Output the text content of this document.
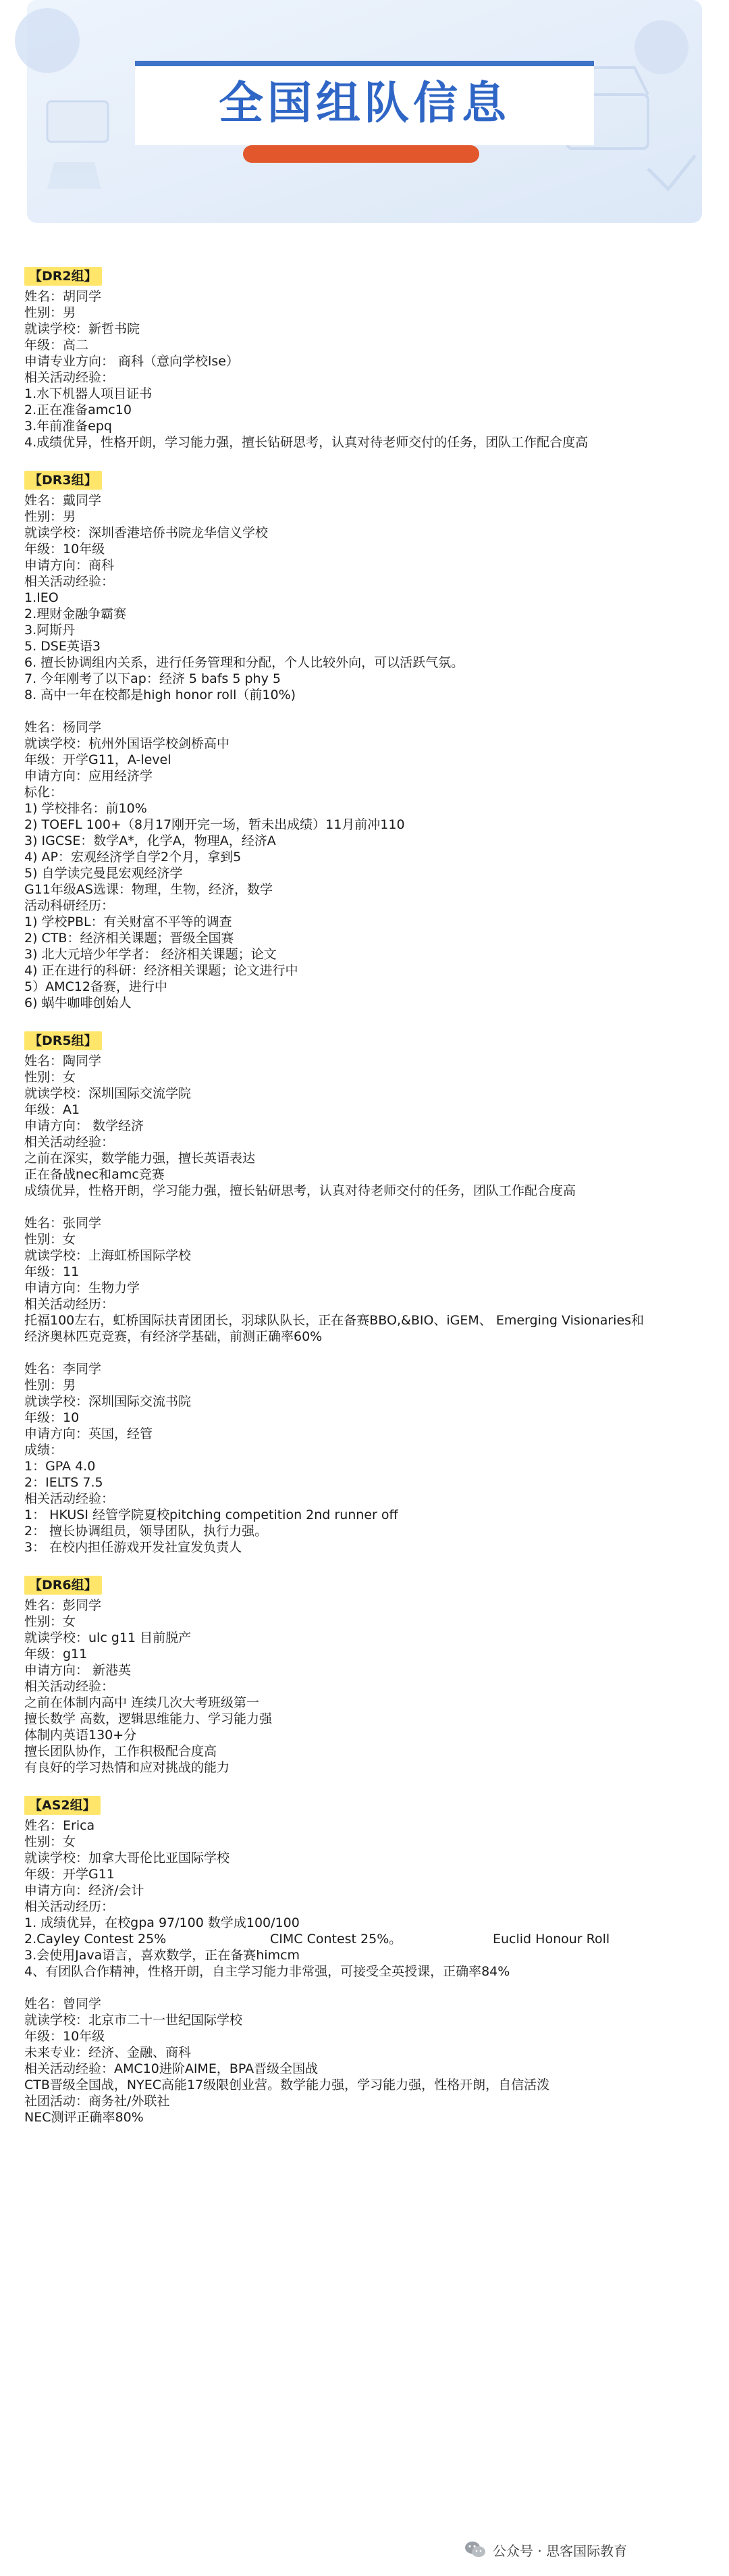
全国组队信息
【DR2组】
姓名：胡同学
性别：男
就读学校：新哲书院
年级：高二
申请专业方向： 商科（意向学校lse）
相关活动经验：
1.水下机器人项目证书
2.正在准备amc10
3.年前准备epq
4.成绩优异，性格开朗，学习能力强，擅长钻研思考，认真对待老师交付的任务，团队工作配合度高
【DR3组】
姓名：戴同学
性别：男
就读学校：深圳香港培侨书院龙华信义学校
年级：10年级
申请方向：商科
相关活动经验：
1.IEO
2.理财金融争霸赛
3.阿斯丹
5. DSE英语3
6. 擅长协调组内关系，进行任务管理和分配，个人比较外向，可以活跃气氛。
7. 今年刚考了以下ap：经济 5 bafs 5 phy 5
8. 高中一年在校都是high honor roll（前10%)
姓名：杨同学
就读学校：杭州外国语学校剑桥高中
年级：开学G11，A-level
申请方向：应用经济学
标化：
1) 学校排名：前10%
2) TOEFL 100+（8月17刚开完一场，暂未出成绩）11月前冲110
3) IGCSE：数学A*，化学A，物理A，经济A
4) AP：宏观经济学自学2个月，拿到5
5) 自学读完曼昆宏观经济学
G11年级AS选课：物理，生物，经济，数学
活动科研经历：
1) 学校PBL：有关财富不平等的调查
2) CTB：经济相关课题；晋级全国赛
3) 北大元培少年学者： 经济相关课题；论文
4) 正在进行的科研：经济相关课题；论文进行中
5）AMC12备赛，进行中
6) 蜗牛咖啡创始人
【DR5组】
姓名：陶同学
性别：女
就读学校：深圳国际交流学院
年级：A1
申请方向： 数学经济
相关活动经验：
之前在深实，数学能力强，擅长英语表达
正在备战nec和amc竞赛
成绩优异，性格开朗，学习能力强，擅长钻研思考，认真对待老师交付的任务，团队工作配合度高
姓名：张同学
性别：女
就读学校：上海虹桥国际学校
年级：11
申请方向：生物力学
相关活动经历：
托福100左右，虹桥国际扶青团团长，羽球队队长，正在备赛BBO,&BIO、iGEM、 Emerging Visionaries和
经济奥林匹克竞赛，有经济学基础，前测正确率60%
姓名：李同学
性别：男
就读学校：深圳国际交流书院
年级：10
申请方向：英国，经管
成绩：
1：GPA 4.0
2：IELTS 7.5
相关活动经验：
1： HKUSI 经管学院夏校pitching competition 2nd runner off
2： 擅长协调组员，领导团队，执行力强。
3： 在校内担任游戏开发社宣发负责人
【DR6组】
姓名：彭同学
性别：女
就读学校：ulc g11 目前脱产
年级：g11
申请方向： 新港英
相关活动经验：
之前在体制内高中 连续几次大考班级第一
擅长数学 高数，逻辑思维能力、学习能力强
体制内英语130+分
擅长团队协作，工作积极配合度高
有良好的学习热情和应对挑战的能力
【AS2组】
姓名：Erica
性别：女
就读学校：加拿大哥伦比亚国际学校
年级：开学G11
申请方向：经济/会计
相关活动经历：
1. 成绩优异，在校gpa 97/100 数学成100/100
2.Cayley Contest 25%	CIMC Contest 25%。	Euclid Honour Roll
3.会使用Java语言，喜欢数学，正在备赛himcm
4、有团队合作精神，性格开朗，自主学习能力非常强，可接受全英授课，正确率84%
姓名：曾同学
就读学校：北京市二十一世纪国际学校
年级：10年级
未来专业：经济、金融、商科
相关活动经验：AMC10进阶AIME，BPA晋级全国战
CTB晋级全国战，NYEC高能17级限创业营。数学能力强，学习能力强，性格开朗，自信活泼
社团活动：商务社/外联社
NEC测评正确率80%
公众号 · 思客国际教育
